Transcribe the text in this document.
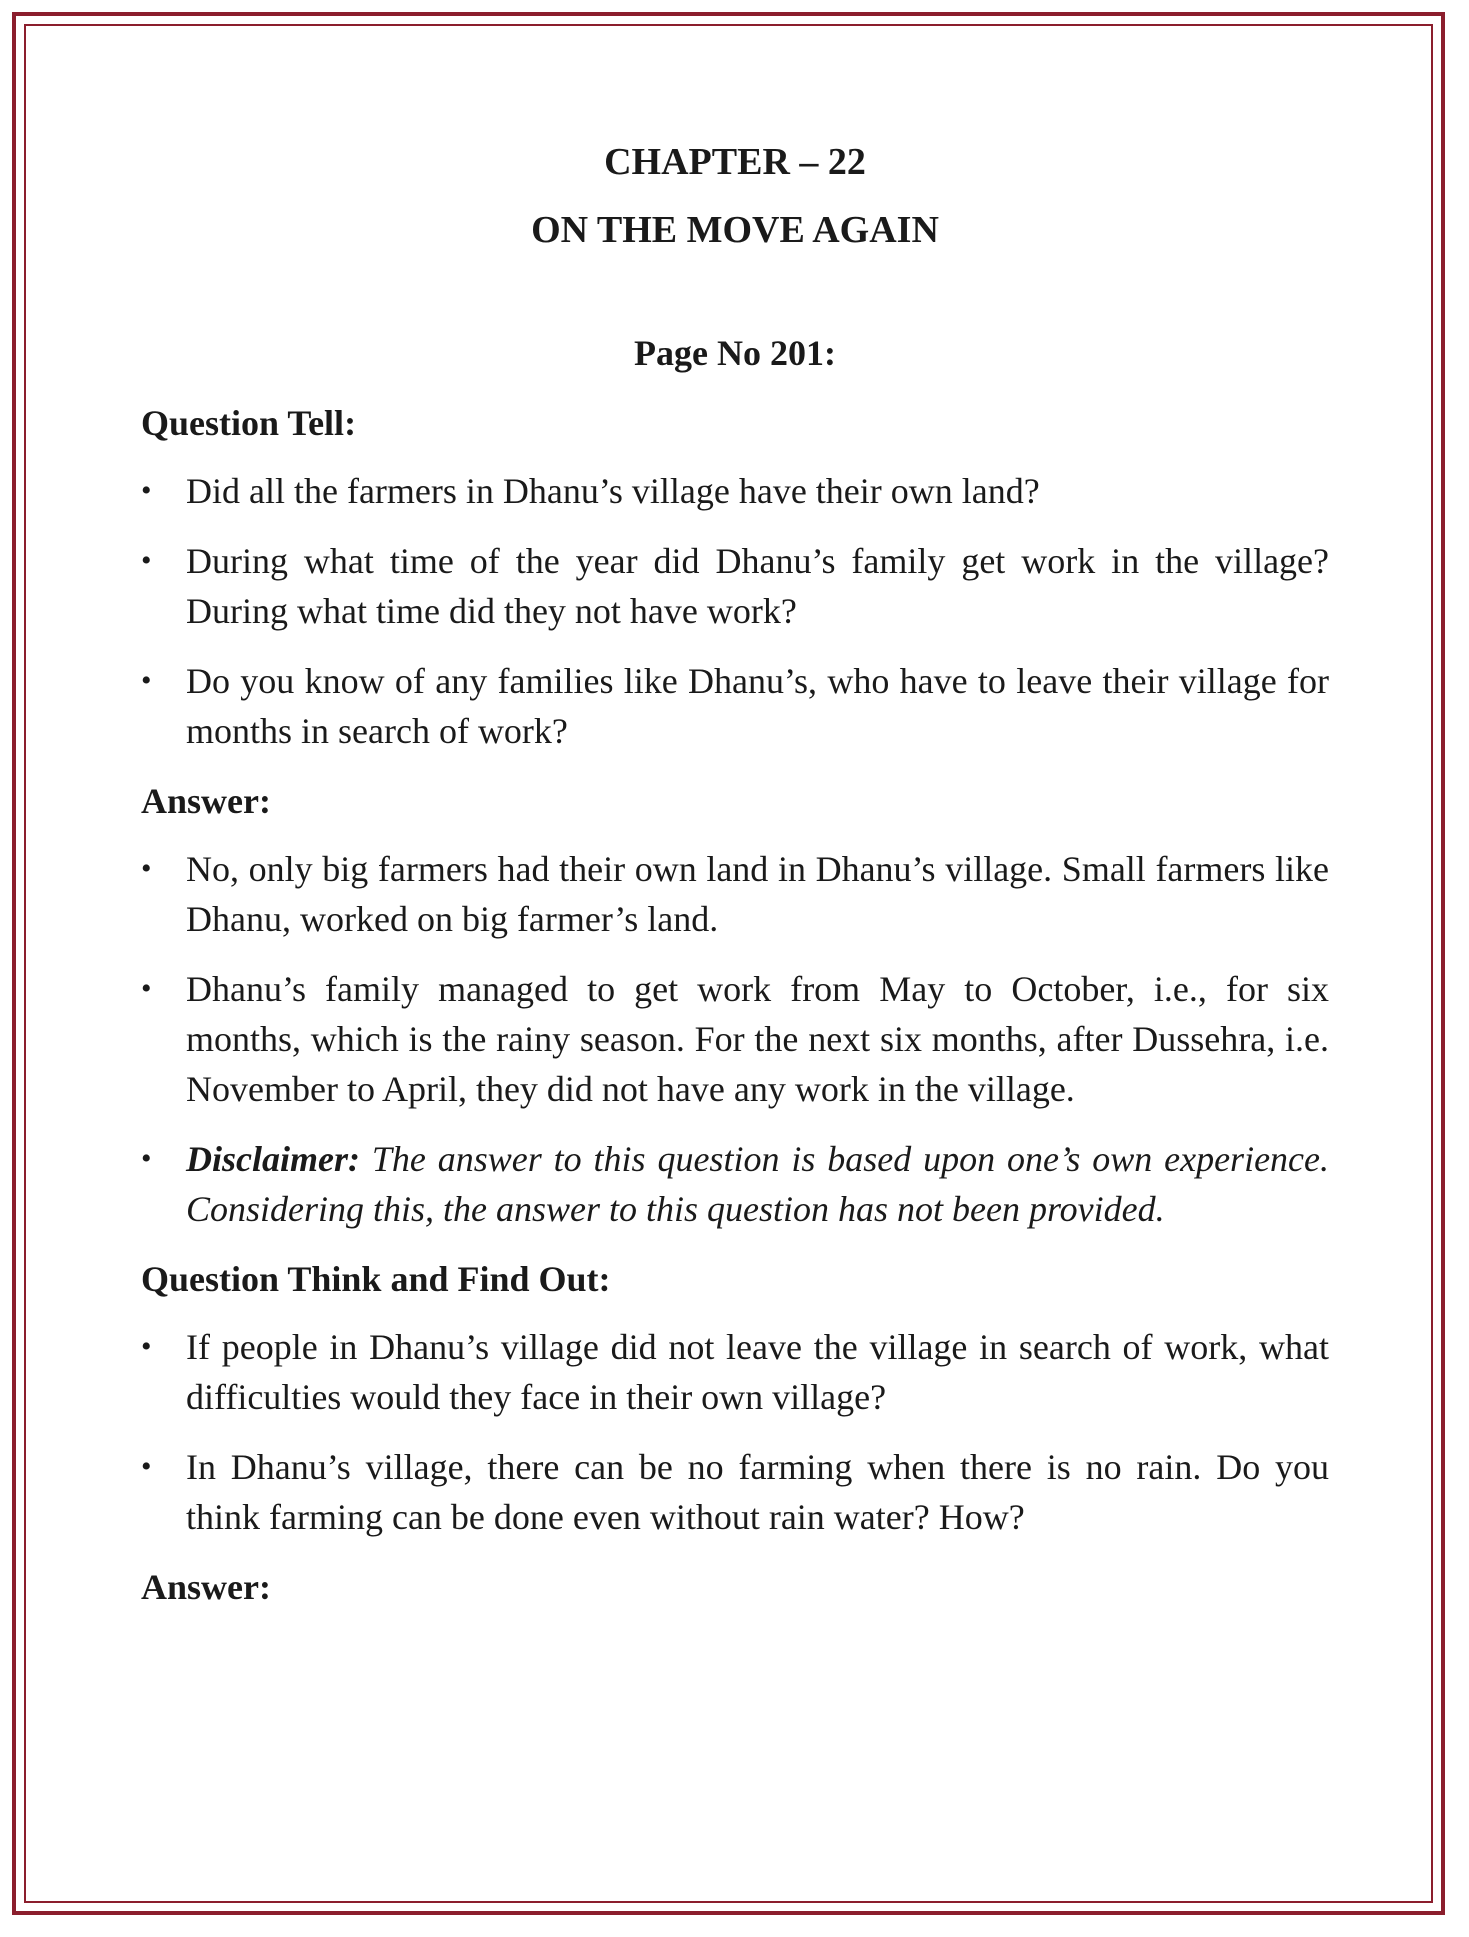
CHAPTER – 22
ON THE MOVE AGAIN
Page No 201:
Question Tell:
• Did all the farmers in Dhanu’s village have their own land?
• During what time of the year did Dhanu’s family get work in the village? During what time did they not have work?
• Do you know of any families like Dhanu’s, who have to leave their village for months in search of work?
Answer:
• No, only big farmers had their own land in Dhanu’s village. Small farmers like Dhanu, worked on big farmer’s land.
• Dhanu’s family managed to get work from May to October, i.e., for six months, which is the rainy season. For the next six months, after Dussehra, i.e. November to April, they did not have any work in the village.
• Disclaimer: The answer to this question is based upon one’s own experience. Considering this, the answer to this question has not been provided.
Question Think and Find Out:
• If people in Dhanu’s village did not leave the village in search of work, what difficulties would they face in their own village?
• In Dhanu’s village, there can be no farming when there is no rain. Do you think farming can be done even without rain water? How?
Answer:
